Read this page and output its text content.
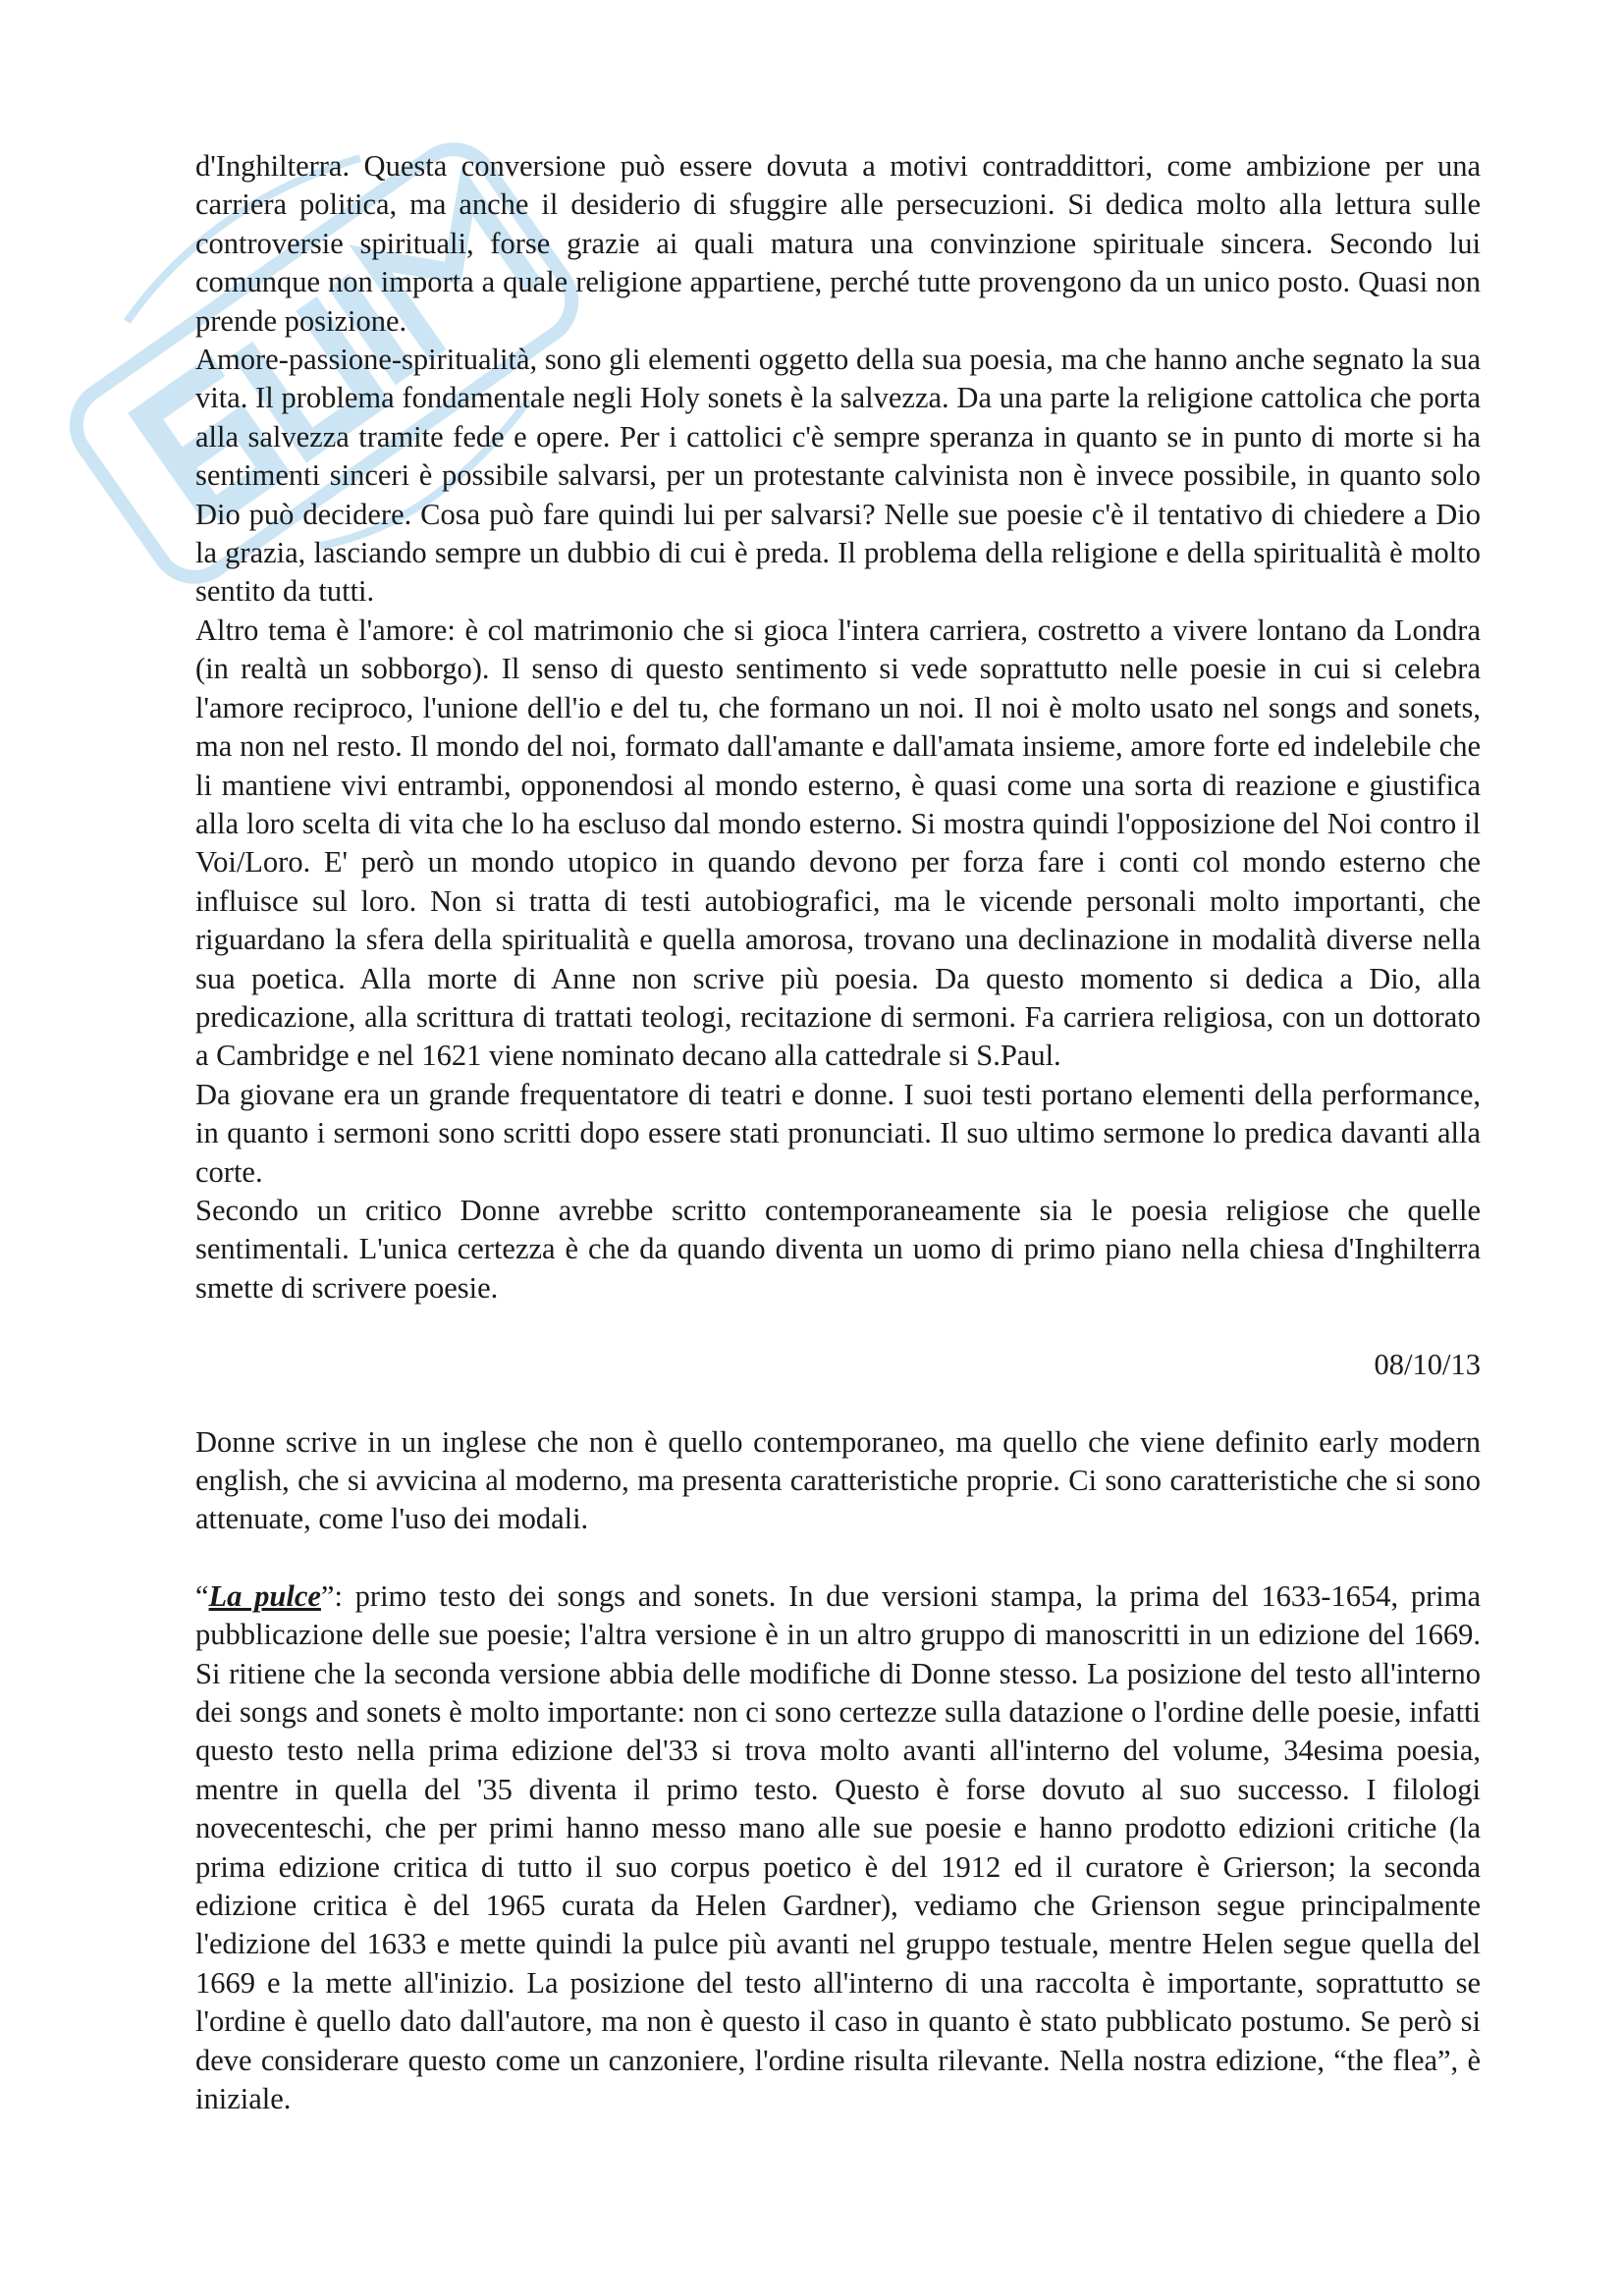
d'Inghilterra. Questa conversione può essere dovuta a motivi contraddittori, come ambizione per una carriera politica, ma anche il desiderio di sfuggire alle persecuzioni. Si dedica molto alla lettura sulle controversie spirituali, forse grazie ai quali matura una convinzione spirituale sincera. Secondo lui comunque non importa a quale religione appartiene, perché tutte provengono da un unico posto. Quasi non prende posizione.

Amore-passione-spiritualità, sono gli elementi oggetto della sua poesia, ma che hanno anche segnato la sua vita. Il problema fondamentale negli Holy sonets è la salvezza. Da una parte la religione cattolica che porta alla salvezza tramite fede e opere. Per i cattolici c'è sempre speranza in quanto se in punto di morte si ha sentimenti sinceri è possibile salvarsi, per un protestante calvinista non è invece possibile, in quanto solo Dio può decidere. Cosa può fare quindi lui per salvarsi? Nelle sue poesie c'è il tentativo di chiedere a Dio la grazia, lasciando sempre un dubbio di cui è preda. Il problema della religione e della spiritualità è molto sentito da tutti.

Altro tema è l'amore: è col matrimonio che si gioca l'intera carriera, costretto a vivere lontano da Londra (in realtà un sobborgo). Il senso di questo sentimento si vede soprattutto nelle poesie in cui si celebra l'amore reciproco, l'unione dell'io e del tu, che formano un noi. Il noi è molto usato nel songs and sonets, ma non nel resto. Il mondo del noi, formato dall'amante e dall'amata insieme, amore forte ed indelebile che li mantiene vivi entrambi, opponendosi al mondo esterno, è quasi come una sorta di reazione e giustifica alla loro scelta di vita che lo ha escluso dal mondo esterno. Si mostra quindi l'opposizione del Noi contro il Voi/Loro. E' però un mondo utopico in quando devono per forza fare i conti col mondo esterno che influisce sul loro. Non si tratta di testi autobiografici, ma le vicende personali molto importanti, che riguardano la sfera della spiritualità e quella amorosa, trovano una declinazione in modalità diverse nella sua poetica. Alla morte di Anne non scrive più poesia. Da questo momento si dedica a Dio, alla predicazione, alla scrittura di trattati teologi, recitazione di sermoni. Fa carriera religiosa, con un dottorato a Cambridge e nel 1621 viene nominato decano alla cattedrale si S.Paul.

Da giovane era un grande frequentatore di teatri e donne. I suoi testi portano elementi della performance, in quanto i sermoni sono scritti dopo essere stati pronunciati. Il suo ultimo sermone lo predica davanti alla corte.

Secondo un critico Donne avrebbe scritto contemporaneamente sia le poesia religiose che quelle sentimentali. L'unica certezza è che da quando diventa un uomo di primo piano nella chiesa d'Inghilterra smette di scrivere poesie.

08/10/13

Donne scrive in un inglese che non è quello contemporaneo, ma quello che viene definito early modern english, che si avvicina al moderno, ma presenta caratteristiche proprie. Ci sono caratteristiche che si sono attenuate, come l'uso dei modali.

“La pulce”: primo testo dei songs and sonets. In due versioni stampa, la prima del 1633-1654, prima pubblicazione delle sue poesie; l'altra versione è in un altro gruppo di manoscritti in un edizione del 1669. Si ritiene che la seconda versione abbia delle modifiche di Donne stesso. La posizione del testo all'interno dei songs and sonets è molto importante: non ci sono certezze sulla datazione o l'ordine delle poesie, infatti questo testo nella prima edizione del'33 si trova molto avanti all'interno del volume, 34esima poesia, mentre in quella del '35 diventa il primo testo. Questo è forse dovuto al suo successo. I filologi novecenteschi, che per primi hanno messo mano alle sue poesie e hanno prodotto edizioni critiche (la prima edizione critica di tutto il suo corpus poetico è del 1912 ed il curatore è Grierson; la seconda edizione critica è del 1965 curata da Helen Gardner), vediamo che Grienson segue principalmente l'edizione del 1633 e mette quindi la pulce più avanti nel gruppo testuale, mentre Helen segue quella del 1669 e la mette all'inizio. La posizione del testo all'interno di una raccolta è importante, soprattutto se l'ordine è quello dato dall'autore, ma non è questo il caso in quanto è stato pubblicato postumo. Se però si deve considerare questo come un canzoniere, l'ordine risulta rilevante. Nella nostra edizione, “the flea”, è iniziale.
